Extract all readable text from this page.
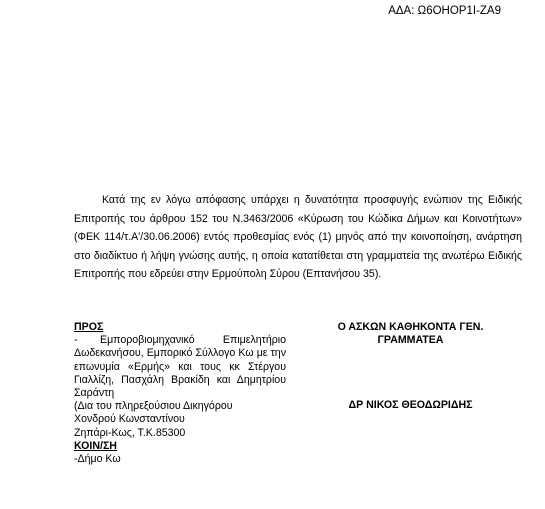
ΑΔΑ: Ω6ΟΗΟΡ1Ι-ΖΑ9
Κατά της εν λόγω απόφασης υπάρχει η δυνατότητα προσφυγής ενώπιον της Ειδικής Επιτροπής του άρθρου 152 του Ν.3463/2006 «Κύρωση του Κώδικα Δήμων και Κοινοτήτων» (ΦΕΚ 114/τ.Α'/30.06.2006) εντός προθεσμίας ενός (1) μηνός από την κοινοποίηση, ανάρτηση στο διαδίκτυο ή λήψη γνώσης αυτής, η οποία κατατίθεται στη γραμματεία της ανωτέρω Ειδικής Επιτροπής που εδρεύει στην Ερμούπολη Σύρου (Επτανήσου 35).
ΠΡΟΣ
- Εμποροβιομηχανικό Επιμελητήριο Δωδεκανήσου, Εμπορικό Σύλλογο Κω με την επωνυμία «Ερμής» και τους κκ Στέργου Γιαλλίζη, Πασχάλη Βρακίδη και Δημητρίου Σαράντη
(Δια του πληρεξούσιου Δικηγόρου
Χονδρού Κωνσταντίνου
Ζηπάρι-Κως, Τ.Κ.85300
ΚΟΙΝ/ΣΗ
-Δήμο Κω
Ο ΑΣΚΩΝ ΚΑΘΗΚΟΝΤΑ ΓΕΝ.
ΓΡΑΜΜΑΤΕΑ
ΔΡ ΝΙΚΟΣ ΘΕΟΔΩΡΙΔΗΣ
